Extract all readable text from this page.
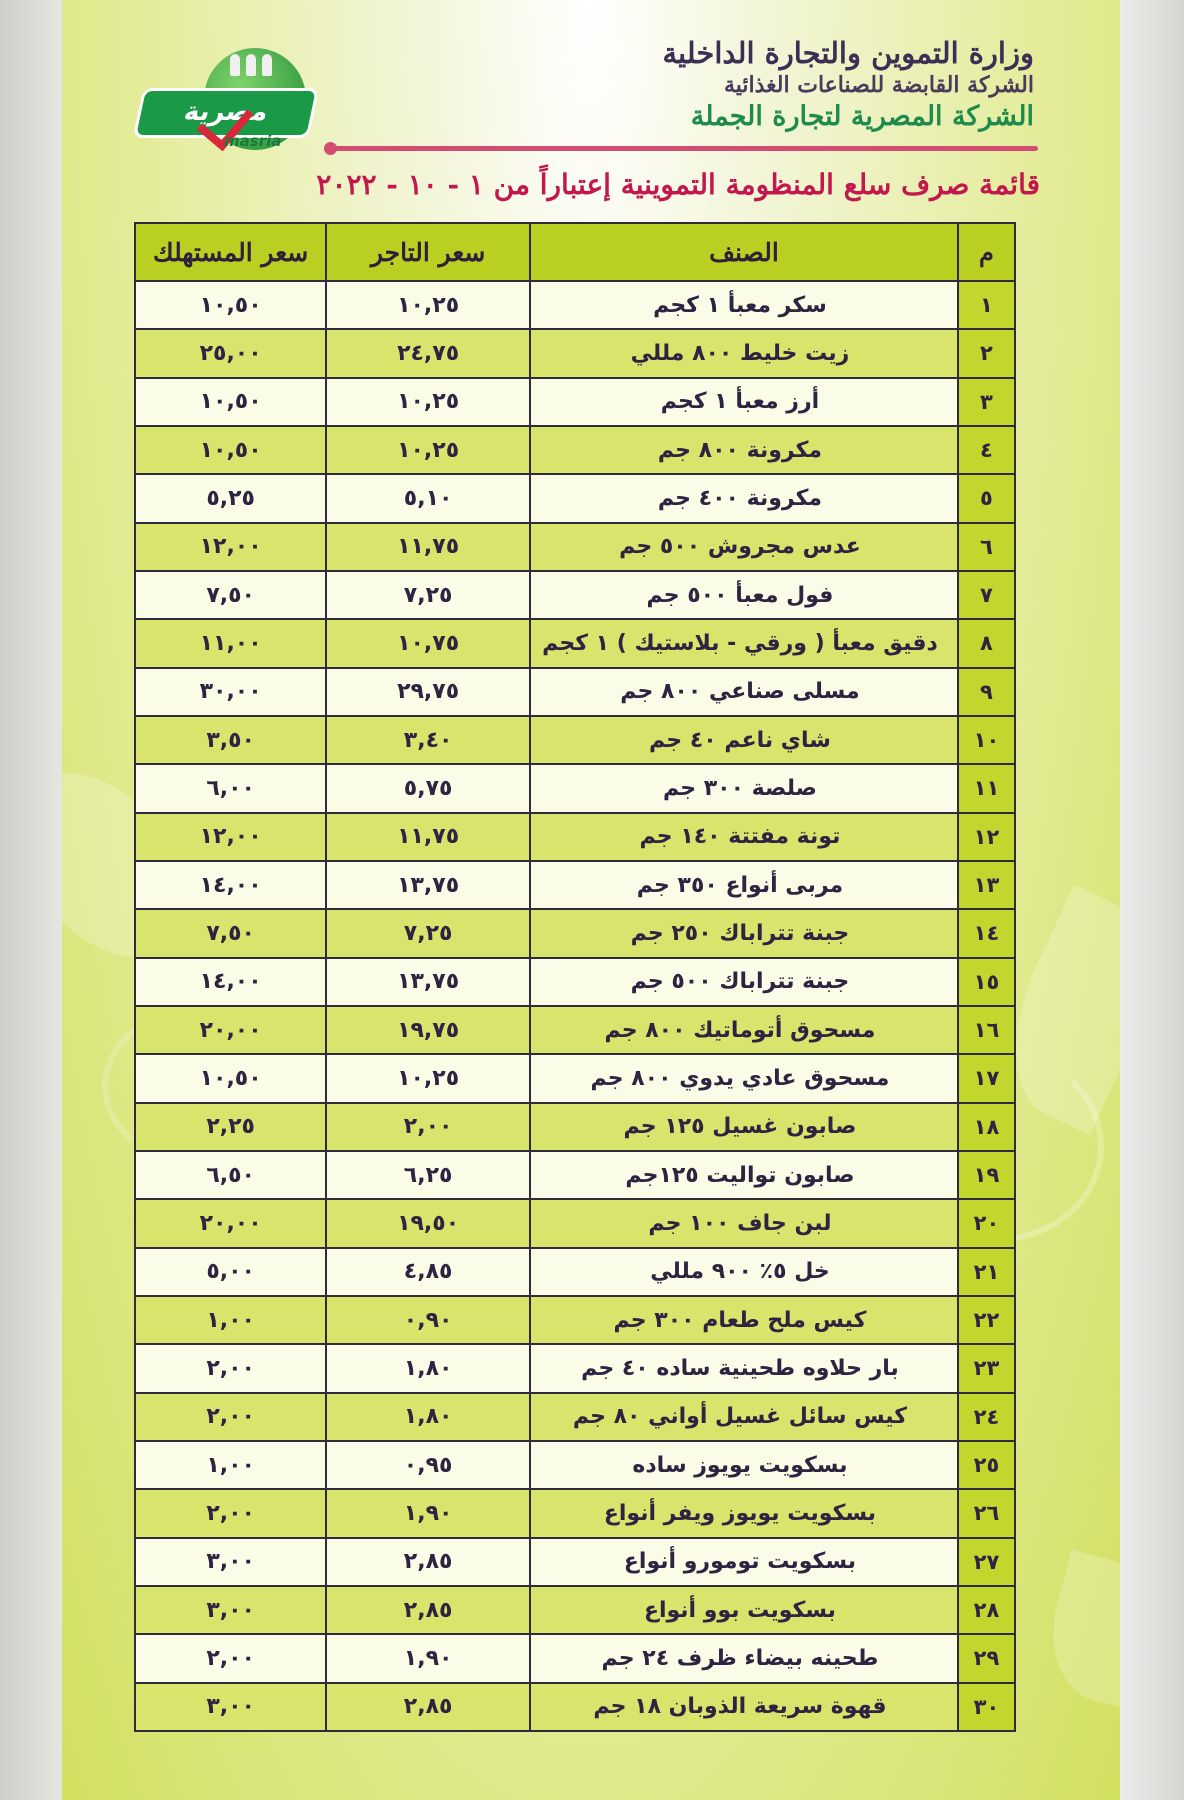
مصرية
masria
وزارة التموين والتجارة الداخلية
الشركة القابضة للصناعات الغذائية
الشركة المصرية لتجارة الجملة
قائمة صرف سلع المنظومة التموينية إعتباراً من ١ - ١٠ - ٢٠٢٢
م	الصنف	سعر التاجر	سعر المستهلك
١	سكر معبأ ١ كجم	١٠,٢٥	١٠,٥٠
٢	زيت خليط ٨٠٠ مللي	٢٤,٧٥	٢٥,٠٠
٣	أرز معبأ ١ كجم	١٠,٢٥	١٠,٥٠
٤	مكرونة ٨٠٠ جم	١٠,٢٥	١٠,٥٠
٥	مكرونة ٤٠٠ جم	٥,١٠	٥,٢٥
٦	عدس مجروش ٥٠٠ جم	١١,٧٥	١٢,٠٠
٧	فول معبأ ٥٠٠ جم	٧,٢٥	٧,٥٠
٨	دقيق معبأ ( ورقي - بلاستيك ) ١ كجم	١٠,٧٥	١١,٠٠
٩	مسلى صناعي ٨٠٠ جم	٢٩,٧٥	٣٠,٠٠
١٠	شاي ناعم ٤٠ جم	٣,٤٠	٣,٥٠
١١	صلصة ٣٠٠ جم	٥,٧٥	٦,٠٠
١٢	تونة مفتتة ١٤٠ جم	١١,٧٥	١٢,٠٠
١٣	مربى أنواع ٣٥٠ جم	١٣,٧٥	١٤,٠٠
١٤	جبنة تتراباك ٢٥٠ جم	٧,٢٥	٧,٥٠
١٥	جبنة تتراباك ٥٠٠ جم	١٣,٧٥	١٤,٠٠
١٦	مسحوق أتوماتيك ٨٠٠ جم	١٩,٧٥	٢٠,٠٠
١٧	مسحوق عادي يدوي ٨٠٠ جم	١٠,٢٥	١٠,٥٠
١٨	صابون غسيل ١٢٥ جم	٢,٠٠	٢,٢٥
١٩	صابون تواليت ١٢٥جم	٦,٢٥	٦,٥٠
٢٠	لبن جاف ١٠٠ جم	١٩,٥٠	٢٠,٠٠
٢١	خل ٥٪ ٩٠٠ مللي	٤,٨٥	٥,٠٠
٢٢	كيس ملح طعام ٣٠٠ جم	٠,٩٠	١,٠٠
٢٣	بار حلاوه طحينية ساده ٤٠ جم	١,٨٠	٢,٠٠
٢٤	كيس سائل غسيل أواني ٨٠ جم	١,٨٠	٢,٠٠
٢٥	بسكويت يويوز ساده	٠,٩٥	١,٠٠
٢٦	بسكويت يويوز ويفر أنواع	١,٩٠	٢,٠٠
٢٧	بسكويت تومورو أنواع	٢,٨٥	٣,٠٠
٢٨	بسكويت بوو أنواع	٢,٨٥	٣,٠٠
٢٩	طحينه بيضاء ظرف ٢٤ جم	١,٩٠	٢,٠٠
٣٠	قهوة سريعة الذوبان ١٨ جم	٢,٨٥	٣,٠٠
